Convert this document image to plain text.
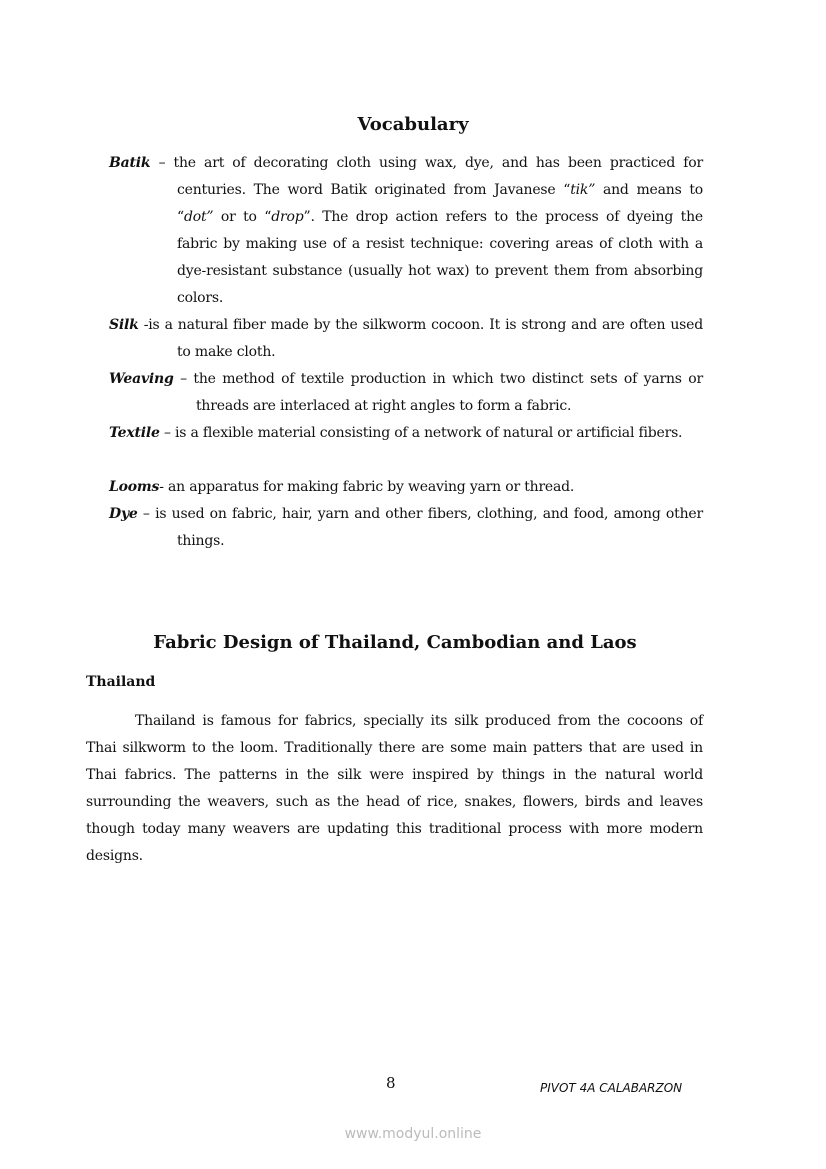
Vocabulary
Batik – the art of decorating cloth using wax, dye, and has been practiced for centuries. The word Batik originated from Javanese “tik” and means to “dot” or to “drop”. The drop action refers to the process of dyeing the fabric by making use of a resist technique: covering areas of cloth with a dye-resistant substance (usually hot wax) to prevent them from absorbing colors.
Silk -is a natural fiber made by the silkworm cocoon. It is strong and are often used to make cloth.
Weaving – the method of textile production in which two distinct sets of yarns or threads are interlaced at right angles to form a fabric.
Textile – is a flexible material consisting of a network of natural or artificial fibers.
Looms- an apparatus for making fabric by weaving yarn or thread.
Dye – is used on fabric, hair, yarn and other fibers, clothing, and food, among other things.
Fabric Design of Thailand, Cambodian and Laos
Thailand
Thailand is famous for fabrics, specially its silk produced from the cocoons of Thai silkworm to the loom. Traditionally there are some main patters that are used in Thai fabrics. The patterns in the silk were inspired by things in the natural world surrounding the weavers, such as the head of rice, snakes, flowers, birds and leaves though today many weavers are updating this traditional process with more modern designs.
8	PIVOT 4A CALABARZON
www.modyul.online
